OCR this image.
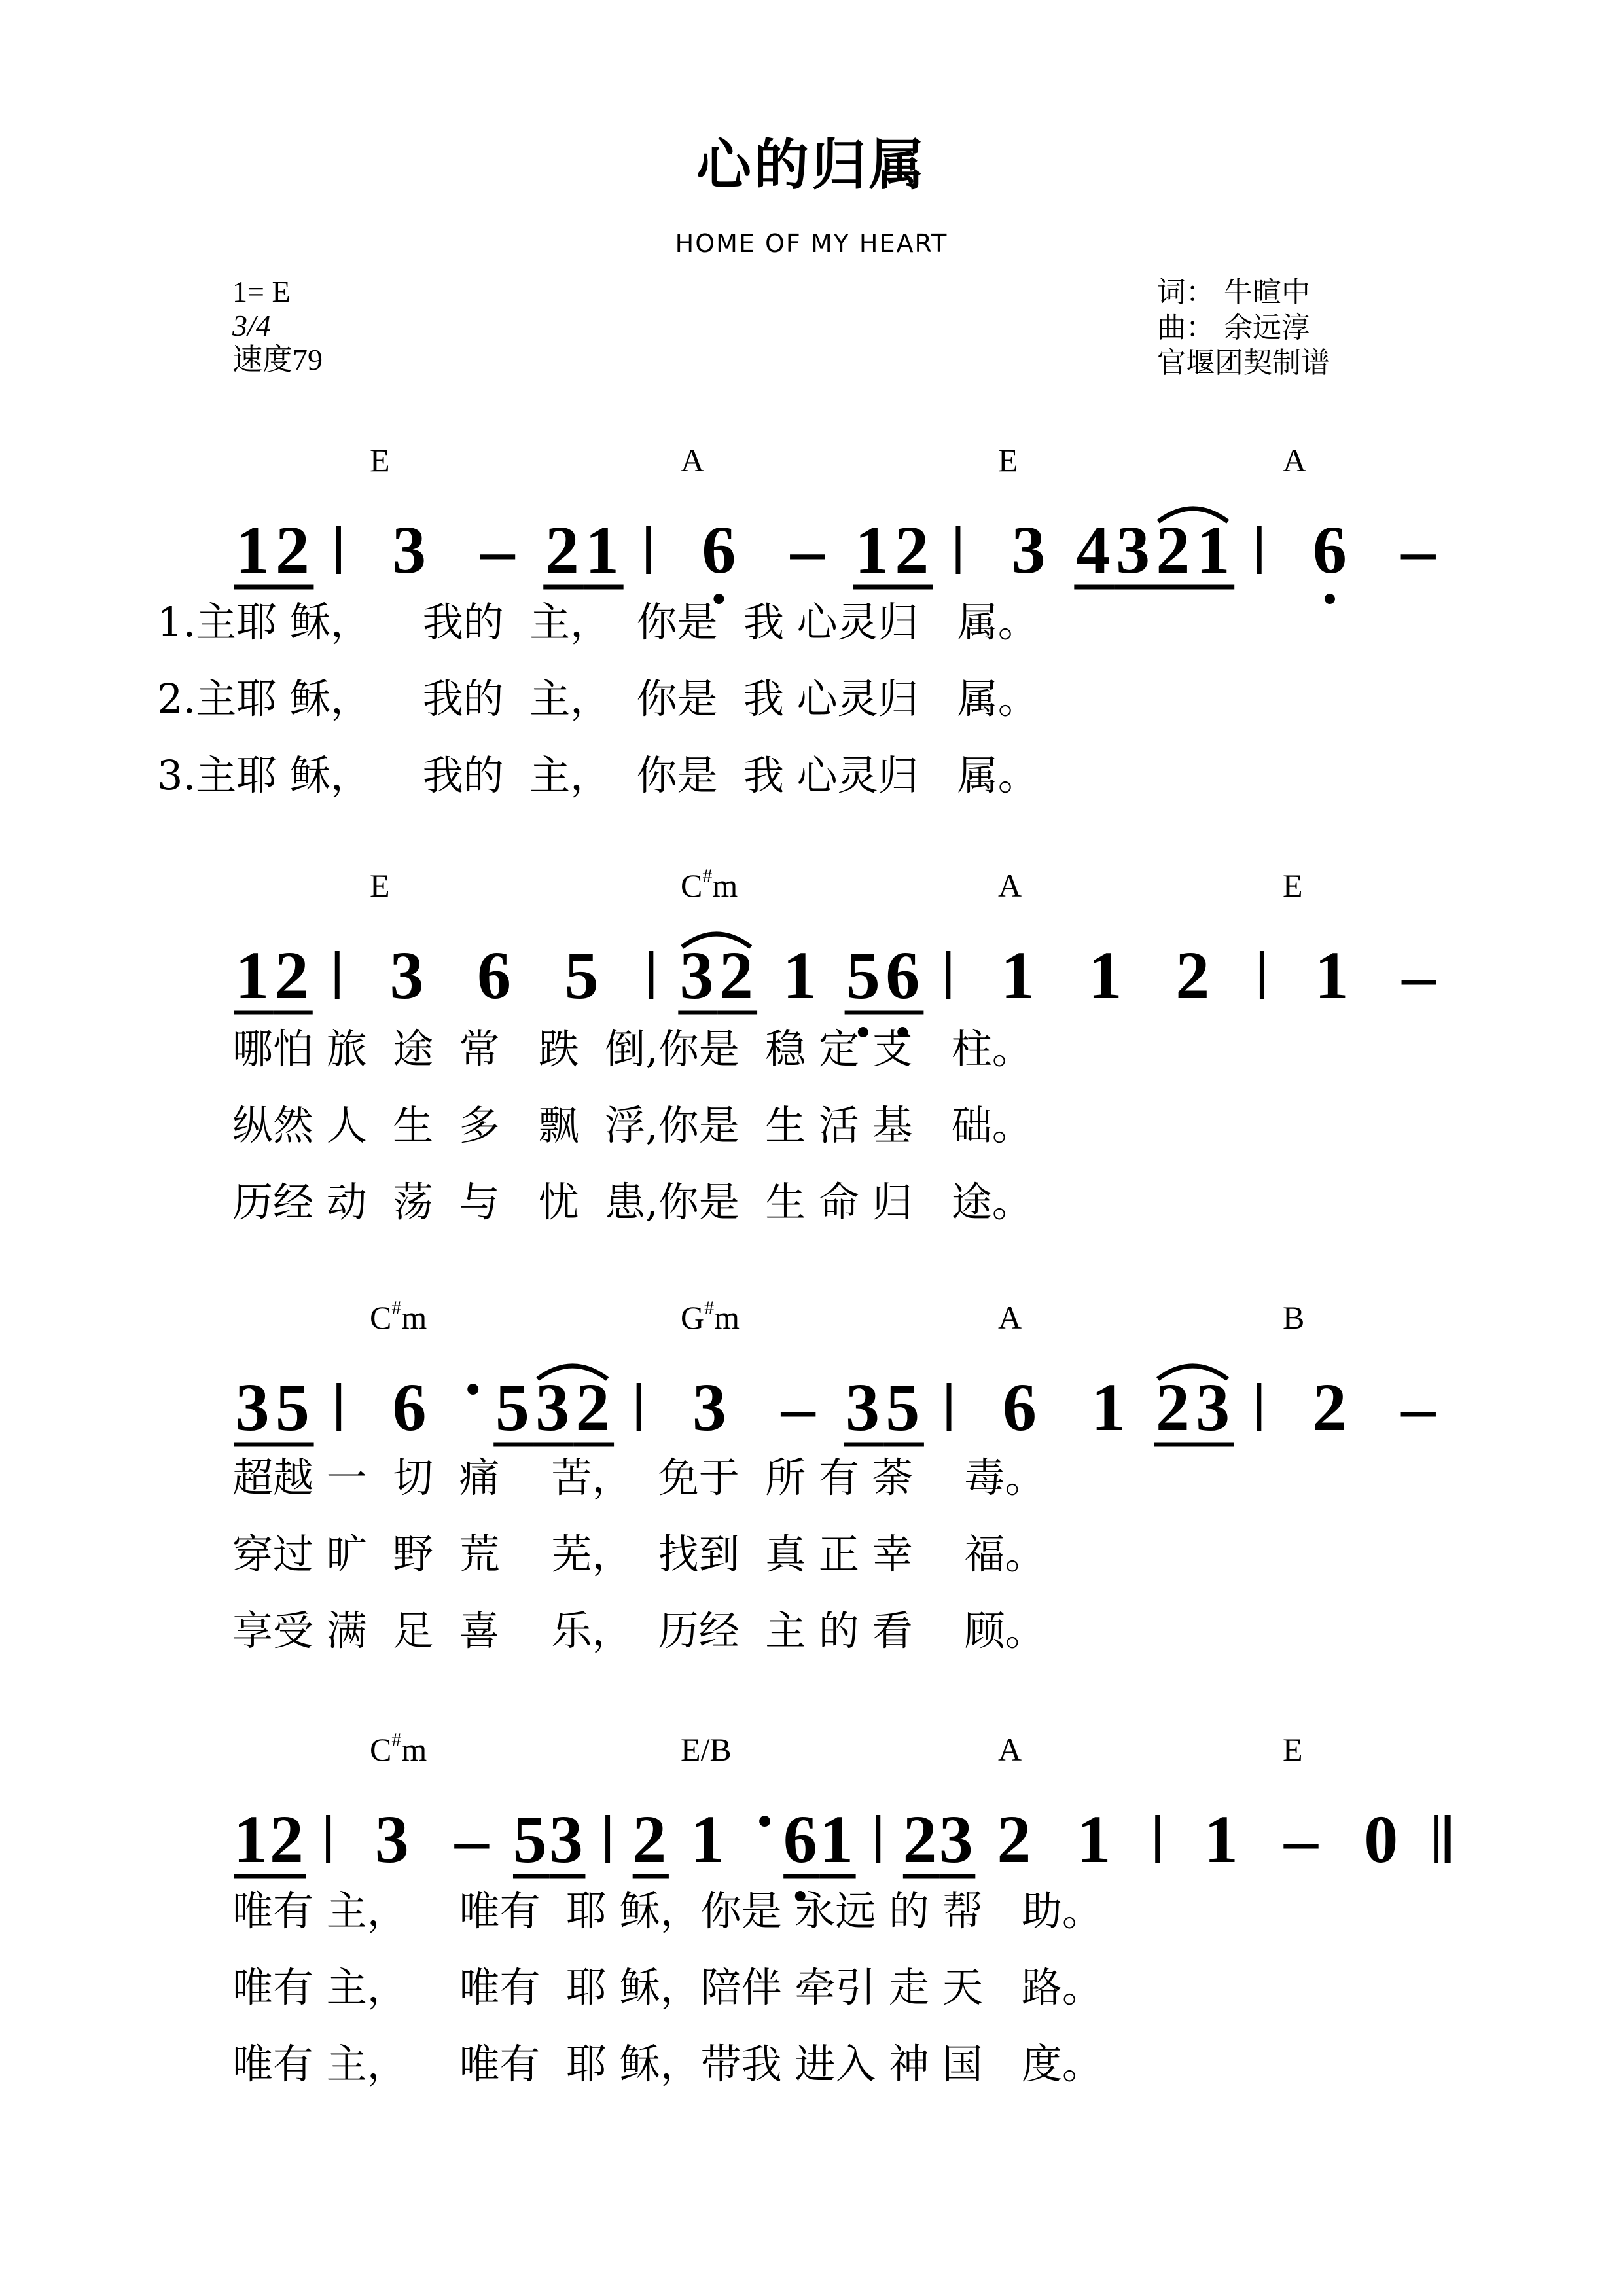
心的归属
HOME OF MY HEART
1= E
3/4
速度79
词： 牛暄中
曲： 余远淳
官堰团契制谱
E	A	E	A
1 2 3 – 2 1 6 – 1 2 3 4 3 2 1 6 –
E	C#m	A	E
1 2 3 6 5 3 2 1 5 6 1 1 2 1 –
C#m	G#m	A	B
3 5 6 · 5 3 2 3 – 3 5 6 1 2 3 2 –
C#m	E/B	A	E
1 2 3 – 5 3 2 1 · 6 1 2 3 2 1 1 – 0
1.主耶 稣，    我的  主，  你是  我 心灵归   属。
2.主耶 稣，    我的  主，  你是  我 心灵归   属。
3.主耶 稣，    我的  主，  你是  我 心灵归   属。
哪怕 旅  途  常   跌  倒,你是  稳 定 支   柱。
纵然 人  生  多   飘  浮,你是  生 活 基   础。
历经 动  荡  与   忧  患,你是  生 命 归   途。
超越 一  切  痛    苦，  免于  所 有 荼    毒。
穿过 旷  野  荒    芜，  找到  真 正 幸    福。
享受 满  足  喜    乐，  历经  主 的 看    顾。
唯有 主，    唯有  耶 稣，你是 永远 的 帮   助。
唯有 主，    唯有  耶 稣，陪伴 牵引 走 天   路。
唯有 主，    唯有  耶 稣，带我 进入 神 国   度。
